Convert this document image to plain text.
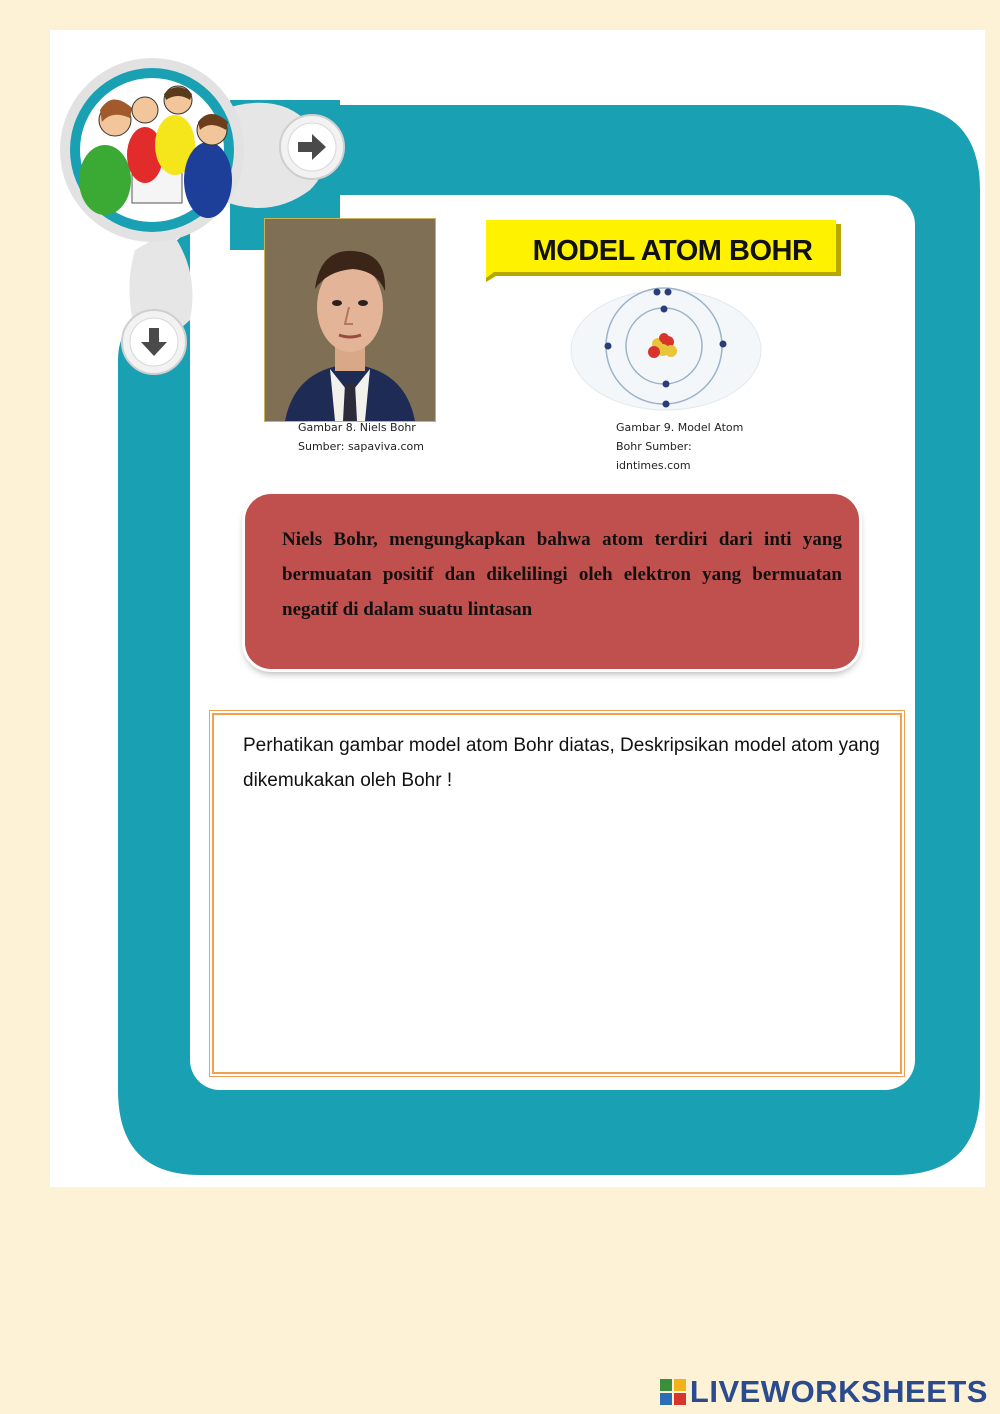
Gambar 8. Niels Bohr
Sumber: sapaviva.com
MODEL ATOM BOHR
Gambar 9. Model Atom
Bohr Sumber:
idntimes.com
Niels Bohr, mengungkapkan bahwa atom terdiri dari inti yang bermuatan positif dan dikelilingi oleh elektron yang bermuatan negatif di dalam suatu lintasan
Perhatikan gambar model atom Bohr diatas, Deskripsikan model atom yang dikemukakan oleh Bohr !
LIVEWORKSHEETS
